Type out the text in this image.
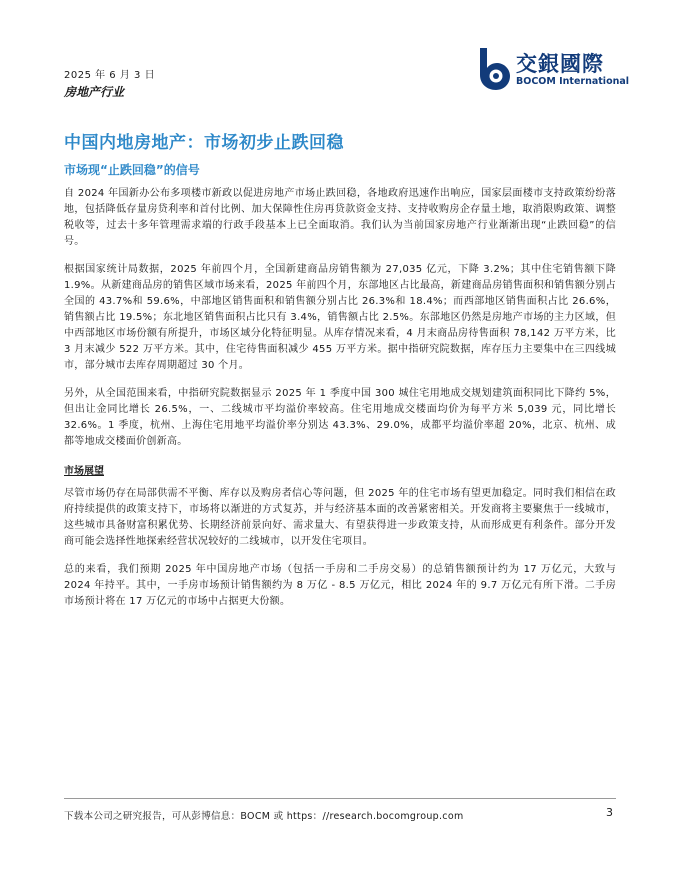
2025 年 6 月 3 日
房地产行业
交銀國際
BOCOM International
中国内地房地产：市场初步止跌回稳
市场现“止跌回稳”的信号

自 2024 年国新办公布多项楼市新政以促进房地产市场止跌回稳，各地政府迅速作出响应，国家层面楼市支持政策纷纷落地，包括降低存量房贷利率和首付比例、加大保障性住房再贷款资金支持、支持收购房企存量土地，取消限购政策、调整税收等，过去十多年管理需求端的行政手段基本上已全面取消。我们认为当前国家房地产行业渐渐出现“止跌回稳”的信号。

根据国家统计局数据，2025 年前四个月，全国新建商品房销售额为 27,035 亿元，下降 3.2%；其中住宅销售额下降 1.9%。从新建商品房的销售区域市场来看，2025 年前四个月，东部地区占比最高，新建商品房销售面积和销售额分别占全国的 43.7%和 59.6%，中部地区销售面积和销售额分别占比 26.3%和 18.4%；而西部地区销售面积占比 26.6%，销售额占比 19.5%；东北地区销售面积占比只有 3.4%，销售额占比 2.5%。东部地区仍然是房地产市场的主力区域，但中西部地区市场份额有所提升，市场区域分化特征明显。从库存情况来看，4 月末商品房待售面积 78,142 万平方米，比 3 月末减少 522 万平方米。其中，住宅待售面积减少 455 万平方米。据中指研究院数据，库存压力主要集中在三四线城市，部分城市去库存周期超过 30 个月。

另外，从全国范围来看，中指研究院数据显示 2025 年 1 季度中国 300 城住宅用地成交规划建筑面积同比下降约 5%，但出让金同比增长 26.5%，一、二线城市平均溢价率较高。住宅用地成交楼面均价为每平方米 5,039 元，同比增长 32.6%。1 季度，杭州、上海住宅用地平均溢价率分别达 43.3%、29.0%，成都平均溢价率超 20%，北京、杭州、成都等地成交楼面价创新高。

市场展望

尽管市场仍存在局部供需不平衡、库存以及购房者信心等问题，但 2025 年的住宅市场有望更加稳定。同时我们相信在政府持续提供的政策支持下，市场将以渐进的方式复苏，并与经济基本面的改善紧密相关。开发商将主要聚焦于一线城市，这些城市具备财富积累优势、长期经济前景向好、需求量大、有望获得进一步政策支持，从而形成更有利条件。部分开发商可能会选择性地探索经营状况较好的二线城市，以开发住宅项目。

总的来看，我们预期 2025 年中国房地产市场（包括一手房和二手房交易）的总销售额预计约为 17 万亿元，大致与 2024 年持平。其中，一手房市场预计销售额约为 8 万亿 - 8.5 万亿元，相比 2024 年的 9.7 万亿元有所下滑。二手房市场预计将在 17 万亿元的市场中占据更大份额。

下载本公司之研究报告，可从彭博信息：BOCM 或 https：//research.bocomgroup.com	3
